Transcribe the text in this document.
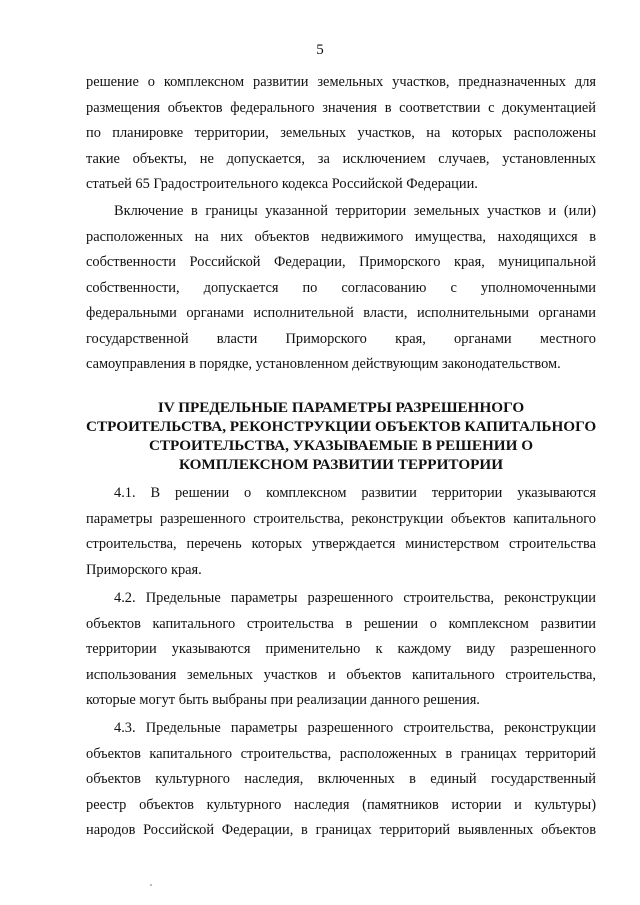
5
решение о комплексном развитии земельных участков, предназначенных для
размещения объектов федерального значения в соответствии с документацией
по планировке территории, земельных участков, на которых расположены
такие объекты, не допускается, за исключением случаев, установленных
статьей 65 Градостроительного кодекса Российской Федерации.
Включение в границы указанной территории земельных участков и (или)
расположенных на них объектов недвижимого имущества, находящихся в
собственности Российской Федерации, Приморского края, муниципальной
собственности, допускается по согласованию с уполномоченными
федеральными органами исполнительной власти, исполнительными органами
государственной власти Приморского края, органами местного
самоуправления в порядке, установленном действующим законодательством.
IV ПРЕДЕЛЬНЫЕ ПАРАМЕТРЫ РАЗРЕШЕННОГО
СТРОИТЕЛЬСТВА, РЕКОНСТРУКЦИИ ОБЪЕКТОВ КАПИТАЛЬНОГО
СТРОИТЕЛЬСТВА, УКАЗЫВАЕМЫЕ В РЕШЕНИИ О
КОМПЛЕКСНОМ РАЗВИТИИ ТЕРРИТОРИИ
4.1. В решении о комплексном развитии территории указываются
параметры разрешенного строительства, реконструкции объектов капитального
строительства, перечень которых утверждается министерством строительства
Приморского края.
4.2. Предельные параметры разрешенного строительства, реконструкции
объектов капитального строительства в решении о комплексном развитии
территории указываются применительно к каждому виду разрешенного
использования земельных участков и объектов капитального строительства,
которые могут быть выбраны при реализации данного решения.
4.3. Предельные параметры разрешенного строительства, реконструкции
объектов капитального строительства, расположенных в границах территорий
объектов культурного наследия, включенных в единый государственный
реестр объектов культурного наследия (памятников истории и культуры)
народов Российской Федерации, в границах территорий выявленных объектов
